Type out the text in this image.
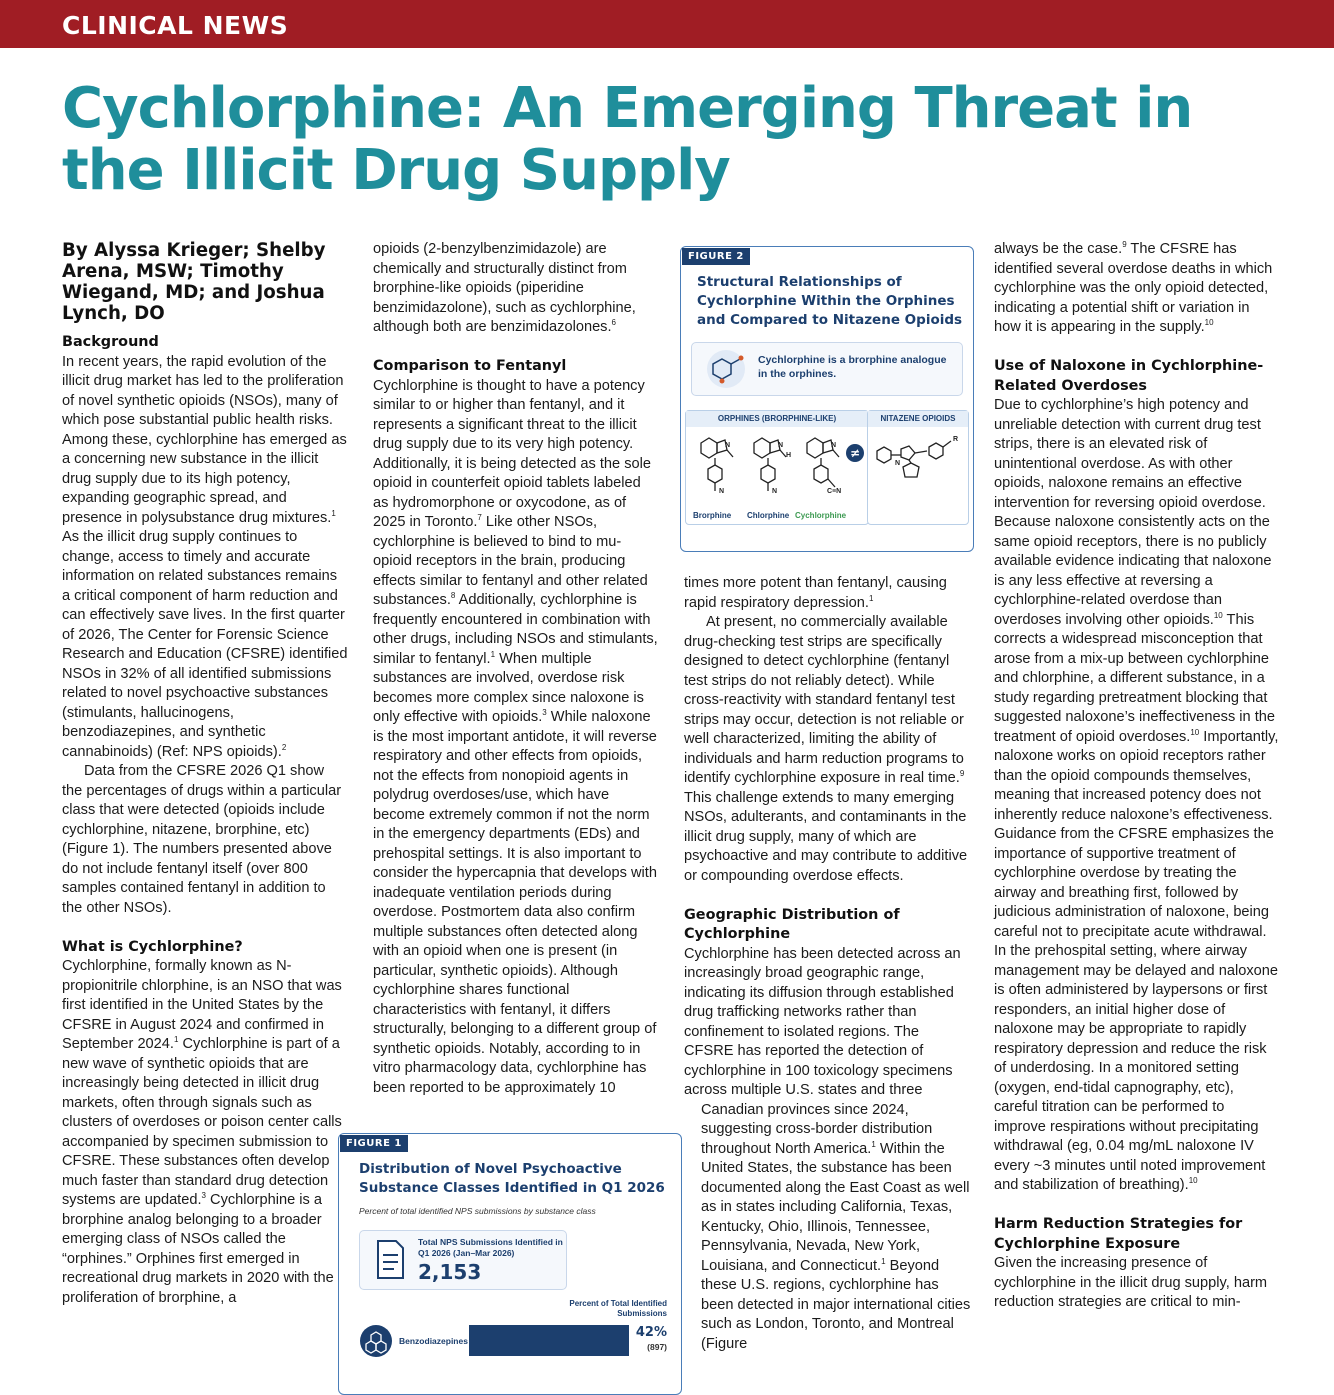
CLINICAL NEWS
Cychlorphine: An Emerging Threat in the Illicit Drug Supply
By Alyssa Krieger; Shelby Arena, MSW; Timothy Wiegand, MD; and Joshua Lynch, DO
Background

In recent years, the rapid evolution of the illicit drug market has led to the proliferation of novel synthetic opioids (NSOs), many of which pose substantial public health risks. Among these, cychlorphine has emerged as a concerning new substance in the illicit drug supply due to its high potency, expanding geographic spread, and presence in polysubstance drug mixtures.$^1$ As the illicit drug supply continues to change, access to timely and accurate information on related substances remains a critical component of harm reduction and can effectively save lives. In the first quarter of 2026, The Center for Forensic Science Research and Education (CFSRE) identified NSOs in 32% of all identified submissions related to novel psychoactive substances (stimulants, hallucinogens, benzodiazepines, and synthetic cannabinoids) (Ref: NPS opioids).$^2$

Data from the CFSRE 2026 Q1 show the percentages of drugs within a particular class that were detected (opioids include cychlorphine, nitazene, brorphine, etc) (Figure 1). The numbers presented above do not include fentanyl itself (over 800 samples contained fentanyl in addition to the other NSOs).

What is Cychlorphine?

Cychlorphine, formally known as N-propionitrile chlorphine, is an NSO that was first identified in the United States by the CFSRE in August 2024 and confirmed in September 2024.$^1$ Cychlorphine is part of a new wave of synthetic opioids that are increasingly being detected in illicit drug markets, often through signals such as clusters of overdoses or poison center calls accompanied by specimen submission to CFSRE. These substances often develop much faster than standard drug detection systems are updated.$^3$ Cychlorphine is a brorphine analog belonging to a broader emerging class of NSOs called the “orphines.” Orphines first emerged in recreational drug markets in 2020 with the proliferation of brorphine, a

opioids (2-benzylbenzimidazole) are chemically and structurally distinct from brorphine-like opioids (piperidine benzimidazolone), such as cychlorphine, although both are benzimidazolones.$^6$

Comparison to Fentanyl

Cychlorphine is thought to have a potency similar to or higher than fentanyl, and it represents a significant threat to the illicit drug supply due to its very high potency. Additionally, it is being detected as the sole opioid in counterfeit opioid tablets labeled as hydromorphone or oxycodone, as of 2025 in Toronto.$^7$ Like other NSOs, cychlorphine is believed to bind to mu-opioid receptors in the brain, producing effects similar to fentanyl and other related substances.$^8$ Additionally, cychlorphine is frequently encountered in combination with other drugs, including NSOs and stimulants, similar to fentanyl.$^1$ When multiple substances are involved, overdose risk becomes more complex since naloxone is only effective with opioids.$^3$ While naloxone is the most important antidote, it will reverse respiratory and other effects from opioids, not the effects from nonopioid agents in polydrug overdoses/use, which have become extremely common if not the norm in the emergency departments (EDs) and prehospital settings. It is also important to consider the hypercapnia that develops with inadequate ventilation periods during overdose. Postmortem data also confirm multiple substances often detected along with an opioid when one is present (in particular, synthetic opioids). Although cychlorphine shares functional characteristics with fentanyl, it differs structurally, belonging to a different group of synthetic opioids. Notably, according to in vitro pharmacology data, cychlorphine has been reported to be approximately 10

times more potent than fentanyl, causing rapid respiratory depression.$^1$

At present, no commercially available drug-checking test strips are specifically designed to detect cychlorphine (fentanyl test strips do not reliably detect). While cross-reactivity with standard fentanyl test strips may occur, detection is not reliable or well characterized, limiting the ability of individuals and harm reduction programs to identify cychlorphine exposure in real time.$^9$ This challenge extends to many emerging NSOs, adulterants, and contaminants in the illicit drug supply, many of which are psychoactive and may contribute to additive or compounding overdose effects.

Geographic Distribution of Cychlorphine

Cychlorphine has been detected across an increasingly broad geographic range, indicating its diffusion through established drug trafficking networks rather than confinement to isolated regions. The CFSRE has reported the detection of cychlorphine in 100 toxicology specimens across multiple U.S. states and three

Canadian provinces since 2024, suggesting cross-border distribution throughout North America.$^1$ Within the United States, the substance has been documented along the East Coast as well as in states including California, Texas, Kentucky, Ohio, Illinois, Tennessee, Pennsylvania, Nevada, New York, Louisiana, and Connecticut.$^1$ Beyond these U.S. regions, cychlorphine has been detected in major international cities such as London, Toronto, and Montreal (Figure

always be the case.$^9$ The CFSRE has identified several overdose deaths in which cychlorphine was the only opioid detected, indicating a potential shift or variation in how it is appearing in the supply.$^{10}$

Use of Naloxone in Cychlorphine-Related Overdoses

Due to cychlorphine’s high potency and unreliable detection with current drug test strips, there is an elevated risk of unintentional overdose. As with other opioids, naloxone remains an effective intervention for reversing opioid overdose. Because naloxone consistently acts on the same opioid receptors, there is no publicly available evidence indicating that naloxone is any less effective at reversing a cychlorphine-related overdose than overdoses involving other opioids.$^{10}$ This corrects a widespread misconception that arose from a mix-up between cychlorphine and chlorphine, a different substance, in a study regarding pretreatment blocking that suggested naloxone’s ineffectiveness in the treatment of opioid overdoses.$^{10}$ Importantly, naloxone works on opioid receptors rather than the opioid compounds themselves, meaning that increased potency does not inherently reduce naloxone’s effectiveness. Guidance from the CFSRE emphasizes the importance of supportive treatment of cychlorphine overdose by treating the airway and breathing first, followed by judicious administration of naloxone, being careful not to precipitate acute withdrawal. In the prehospital setting, where airway management may be delayed and naloxone is often administered by laypersons or first responders, an initial higher dose of naloxone may be appropriate to rapidly respiratory depression and reduce the risk of underdosing. In a monitored setting (oxygen, end-tidal capnography, etc), careful titration can be performed to improve respirations without precipitating withdrawal (eg, 0.04 mg/mL naloxone IV every ~3 minutes until noted improvement and stabilization of breathing).$^{10}$

Harm Reduction Strategies for Cychlorphine Exposure

Given the increasing presence of cychlorphine in the illicit drug supply, harm reduction strategies are critical to min-

FIGURE 2
Structural Relationships of Cychlorphine Within the Orphines and Compared to Nitazene Opioids
Cychlorphine is a brorphine analogue in the orphines.
ORPHINES (BRORPHINE-LIKE)	NITAZENE OPIOIDS
N	N	N
N	N
H
C≡N
N
R
≠
Brorphine Chlorphine Cychlorphine
FIGURE 1
Distribution of Novel Psychoactive Substance Classes Identified in Q1 2026
Percent of total identified NPS submissions by substance class
Total NPS Submissions Identified in Q1 2026 (Jan–Mar 2026)
2,153
Percent of Total Identified Submissions
Benzodiazepines
42%
(897)
